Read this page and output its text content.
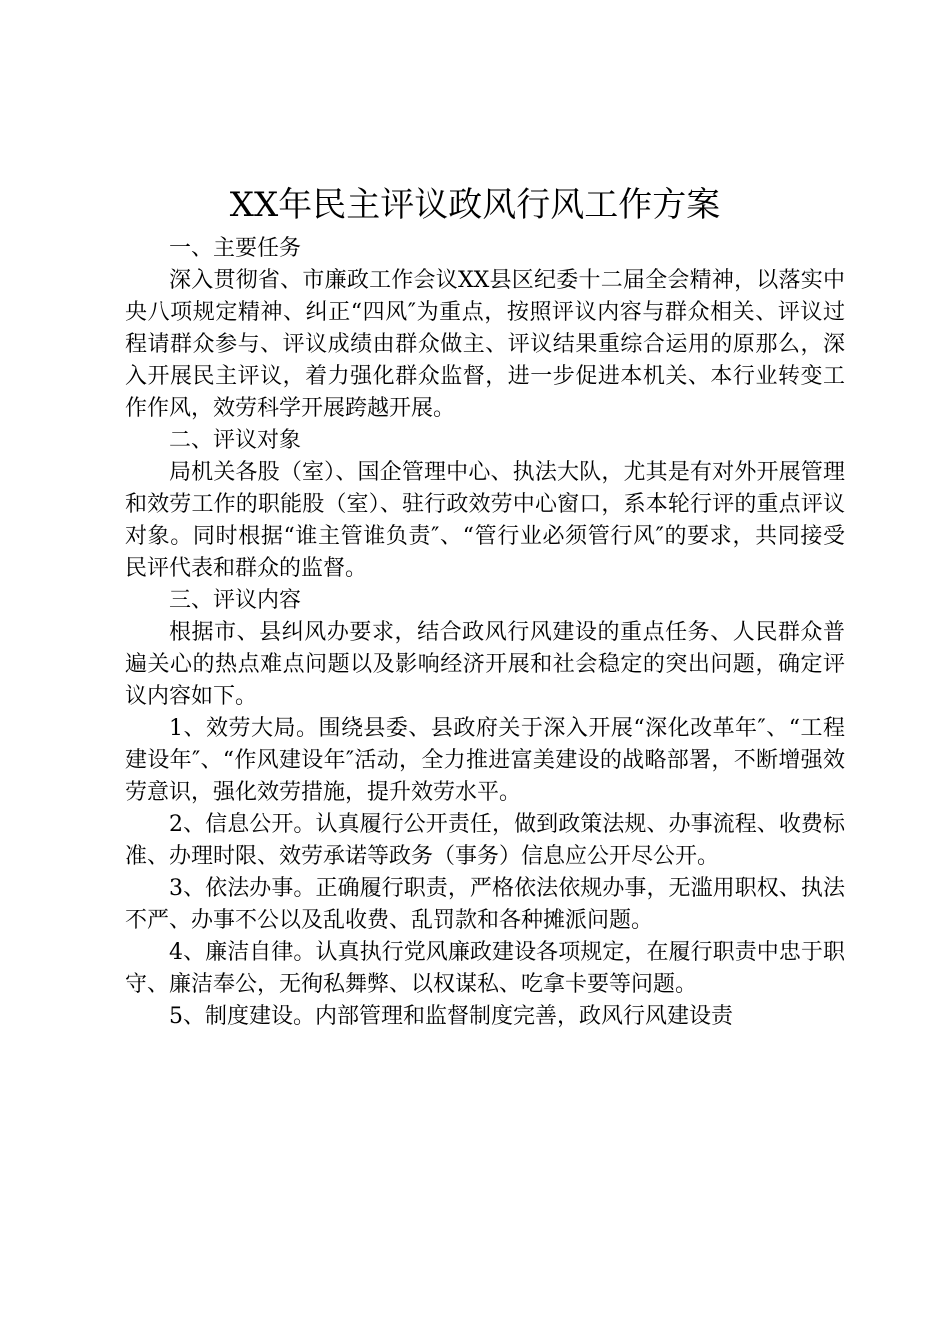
XX年民主评议政风行风工作方案

一、主要任务

深入贯彻省、市廉政工作会议XX县区纪委十二届全会精神，以落实中央八项规定精神、纠正“四风″为重点，按照评议内容与群众相关、评议过程请群众参与、评议成绩由群众做主、评议结果重综合运用的原那么，深入开展民主评议，着力强化群众监督，进一步促进本机关、本行业转变工作作风，效劳科学开展跨越开展。

二、评议对象

局机关各股（室）、国企管理中心、执法大队，尤其是有对外开展管理和效劳工作的职能股（室）、驻行政效劳中心窗口，系本轮行评的重点评议对象。同时根据“谁主管谁负责″、“管行业必须管行风″的要求，共同接受民评代表和群众的监督。

三、评议内容

根据市、县纠风办要求，结合政风行风建设的重点任务、人民群众普遍关心的热点难点问题以及影响经济开展和社会稳定的突出问题，确定评议内容如下。

1、效劳大局。围绕县委、县政府关于深入开展“深化改革年″、“工程建设年″、“作风建设年″活动，全力推进富美建设的战略部署，不断增强效劳意识，强化效劳措施，提升效劳水平。

2、信息公开。认真履行公开责任，做到政策法规、办事流程、收费标准、办理时限、效劳承诺等政务（事务）信息应公开尽公开。

3、依法办事。正确履行职责，严格依法依规办事，无滥用职权、执法不严、办事不公以及乱收费、乱罚款和各种摊派问题。

4、廉洁自律。认真执行党风廉政建设各项规定，在履行职责中忠于职守、廉洁奉公，无徇私舞弊、以权谋私、吃拿卡要等问题。

5、制度建设。内部管理和监督制度完善，政风行风建设责
